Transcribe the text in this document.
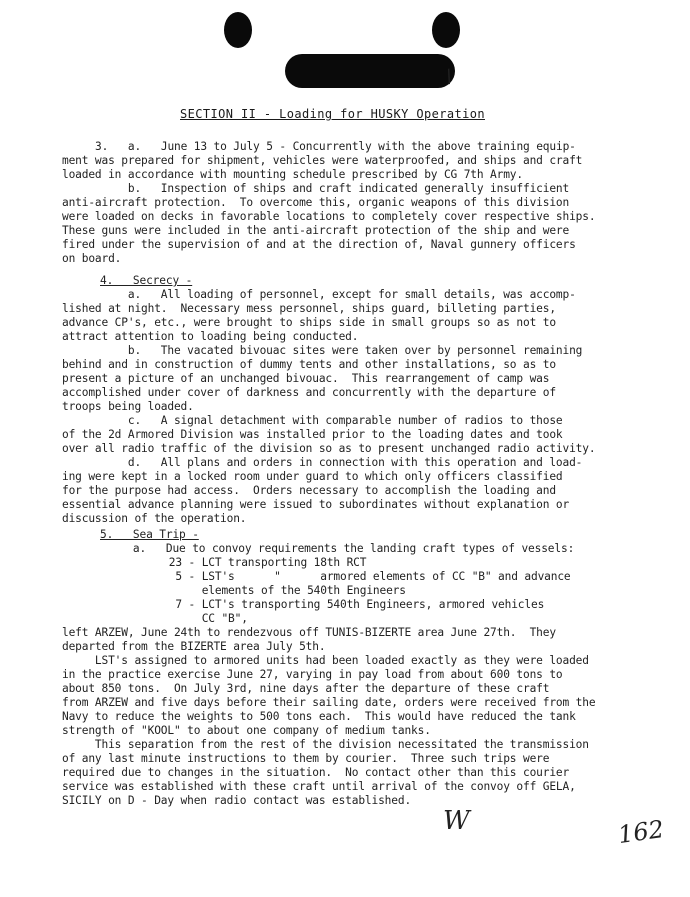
∕
SECTION II - Loading for HUSKY Operation
3.   a.   June 13 to July 5 - Concurrently with the above training equip-
ment was prepared for shipment, vehicles were waterproofed, and ships and craft
loaded in accordance with mounting schedule prescribed by CG 7th Army.
b.   Inspection of ships and craft indicated generally insufficient
anti-aircraft protection.  To overcome this, organic weapons of this division
were loaded on decks in favorable locations to completely cover respective ships.
These guns were included in the anti-aircraft protection of the ship and were
fired under the supervision of and at the direction of, Naval gunnery officers
on board.
4.   Secrecy -
a.   All loading of personnel, except for small details, was accomp-
lished at night.  Necessary mess personnel, ships guard, billeting parties,
advance CP's, etc., were brought to ships side in small groups so as not to
attract attention to loading being conducted.
b.   The vacated bivouac sites were taken over by personnel remaining
behind and in construction of dummy tents and other installations, so as to
present a picture of an unchanged bivouac.  This rearrangement of camp was
accomplished under cover of darkness and concurrently with the departure of
troops being loaded.
c.   A signal detachment with comparable number of radios to those
of the 2d Armored Division was installed prior to the loading dates and took
over all radio traffic of the division so as to present unchanged radio activity.
d.   All plans and orders in connection with this operation and load-
ing were kept in a locked room under guard to which only officers classified
for the purpose had access.  Orders necessary to accomplish the loading and
essential advance planning were issued to subordinates without explanation or
discussion of the operation.
5.   Sea Trip -
a.   Due to convoy requirements the landing craft types of vessels:
23 - LCT transporting 18th RCT
5 - LST's      "      armored elements of CC "B" and advance
elements of the 540th Engineers
7 - LCT's transporting 540th Engineers, armored vehicles
CC "B",
left ARZEW, June 24th to rendezvous off TUNIS-BIZERTE area June 27th.  They
departed from the BIZERTE area July 5th.
LST's assigned to armored units had been loaded exactly as they were loaded
in the practice exercise June 27, varying in pay load from about 600 tons to
about 850 tons.  On July 3rd, nine days after the departure of these craft
from ARZEW and five days before their sailing date, orders were received from the
Navy to reduce the weights to 500 tons each.  This would have reduced the tank
strength of "KOOL" to about one company of medium tanks.
This separation from the rest of the division necessitated the transmission
of any last minute instructions to them by courier.  Three such trips were
required due to changes in the situation.  No contact other than this courier
service was established with these craft until arrival of the convoy off GELA,
SICILY on D - Day when radio contact was established.
W	162
